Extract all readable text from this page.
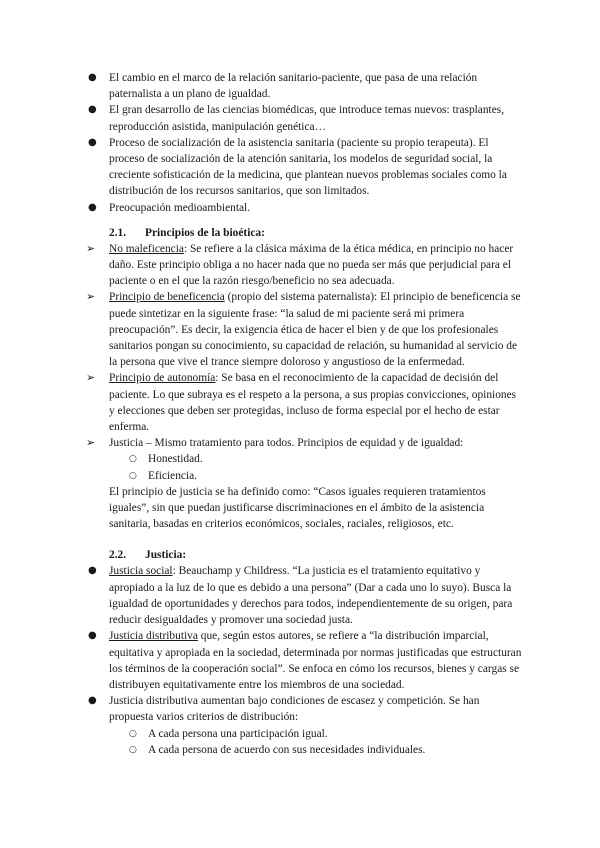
●	El cambio en el marco de la relación sanitario-paciente, que pasa de una relación paternalista a un plano de igualdad.
●	El gran desarrollo de las ciencias biomédicas, que introduce temas nuevos: trasplantes, reproducción asistida, manipulación genética…
●	Proceso de socialización de la asistencia sanitaria (paciente su propio terapeuta). El proceso de socialización de la atención sanitaria, los modelos de seguridad social, la creciente sofisticación de la medicina, que plantean nuevos problemas sociales como la distribución de los recursos sanitarios, que son limitados.
●	Preocupación medioambiental.
2.1. Principios de la bioética:
➢	No maleficencia: Se refiere a la clásica máxima de la ética médica, en principio no hacer daño. Este principio obliga a no hacer nada que no pueda ser más que perjudicial para el paciente o en el que la razón riesgo/beneficio no sea adecuada.
➢	Principio de beneficencia (propio del sistema paternalista): El principio de beneficencia se puede sintetizar en la siguiente frase: “la salud de mi paciente será mi primera preocupación”. Es decir, la exigencia ética de hacer el bien y de que los profesionales sanitarios pongan su conocimiento, su capacidad de relación, su humanidad al servicio de la persona que vive el trance siempre doloroso y angustioso de la enfermedad.
➢	Principio de autonomía: Se basa en el reconocimiento de la capacidad de decisión del paciente. Lo que subraya es el respeto a la persona, a sus propias convicciones, opiniones y elecciones que deben ser protegidas, incluso de forma especial por el hecho de estar enferma.
➢	Justicia – Mismo tratamiento para todos. Principios de equidad y de igualdad:
○ Honestidad.
○ Eficiencia.
El principio de justicia se ha definido como: “Casos iguales requieren tratamientos iguales”, sin que puedan justificarse discriminaciones en el ámbito de la asistencia sanitaria, basadas en criterios económicos, sociales, raciales, religiosos, etc.
2.2. Justicia:
●	Justicia social: Beauchamp y Childress. “La justicia es el tratamiento equitativo y apropiado a la luz de lo que es debido a una persona” (Dar a cada uno lo suyo). Busca la igualdad de oportunidades y derechos para todos, independientemente de su origen, para reducir desigualdades y promover una sociedad justa.
●	Justicia distributiva que, según estos autores, se refiere a “la distribución imparcial, equitativa y apropiada en la sociedad, determinada por normas justificadas que estructuran los términos de la cooperación social”. Se enfoca en cómo los recursos, bienes y cargas se distribuyen equitativamente entre los miembros de una sociedad.
●	Justicia distributiva aumentan bajo condiciones de escasez y competición. Se han propuesta varios criterios de distribución:
○ A cada persona una participación igual.
○ A cada persona de acuerdo con sus necesidades individuales.
